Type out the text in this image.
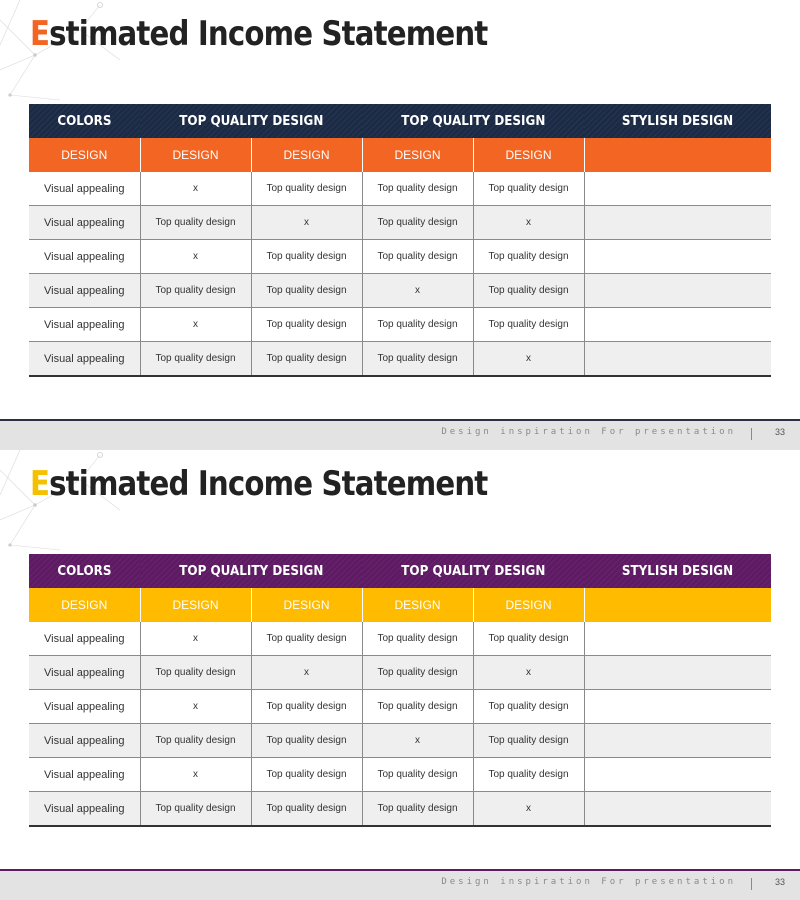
Estimated Income Statement
COLORS	TOP QUALITY DESIGN		TOP QUALITY DESIGN		STYLISH DESIGN
DESIGN	DESIGN	DESIGN	DESIGN	DESIGN	
Visual appealing	x	Top quality design	Top quality design	Top quality design	
Visual appealing	Top quality design	x	Top quality design	x	
Visual appealing	x	Top quality design	Top quality design	Top quality design	
Visual appealing	Top quality design	Top quality design	x	Top quality design	
Visual appealing	x	Top quality design	Top quality design	Top quality design	
Visual appealing	Top quality design	Top quality design	Top quality design	x	
Design inspiration For presentation	33
Estimated Income Statement
COLORS	TOP QUALITY DESIGN		TOP QUALITY DESIGN		STYLISH DESIGN
DESIGN	DESIGN	DESIGN	DESIGN	DESIGN	
Visual appealing	x	Top quality design	Top quality design	Top quality design	
Visual appealing	Top quality design	x	Top quality design	x	
Visual appealing	x	Top quality design	Top quality design	Top quality design	
Visual appealing	Top quality design	Top quality design	x	Top quality design	
Visual appealing	x	Top quality design	Top quality design	Top quality design	
Visual appealing	Top quality design	Top quality design	Top quality design	x	
Design inspiration For presentation	33
